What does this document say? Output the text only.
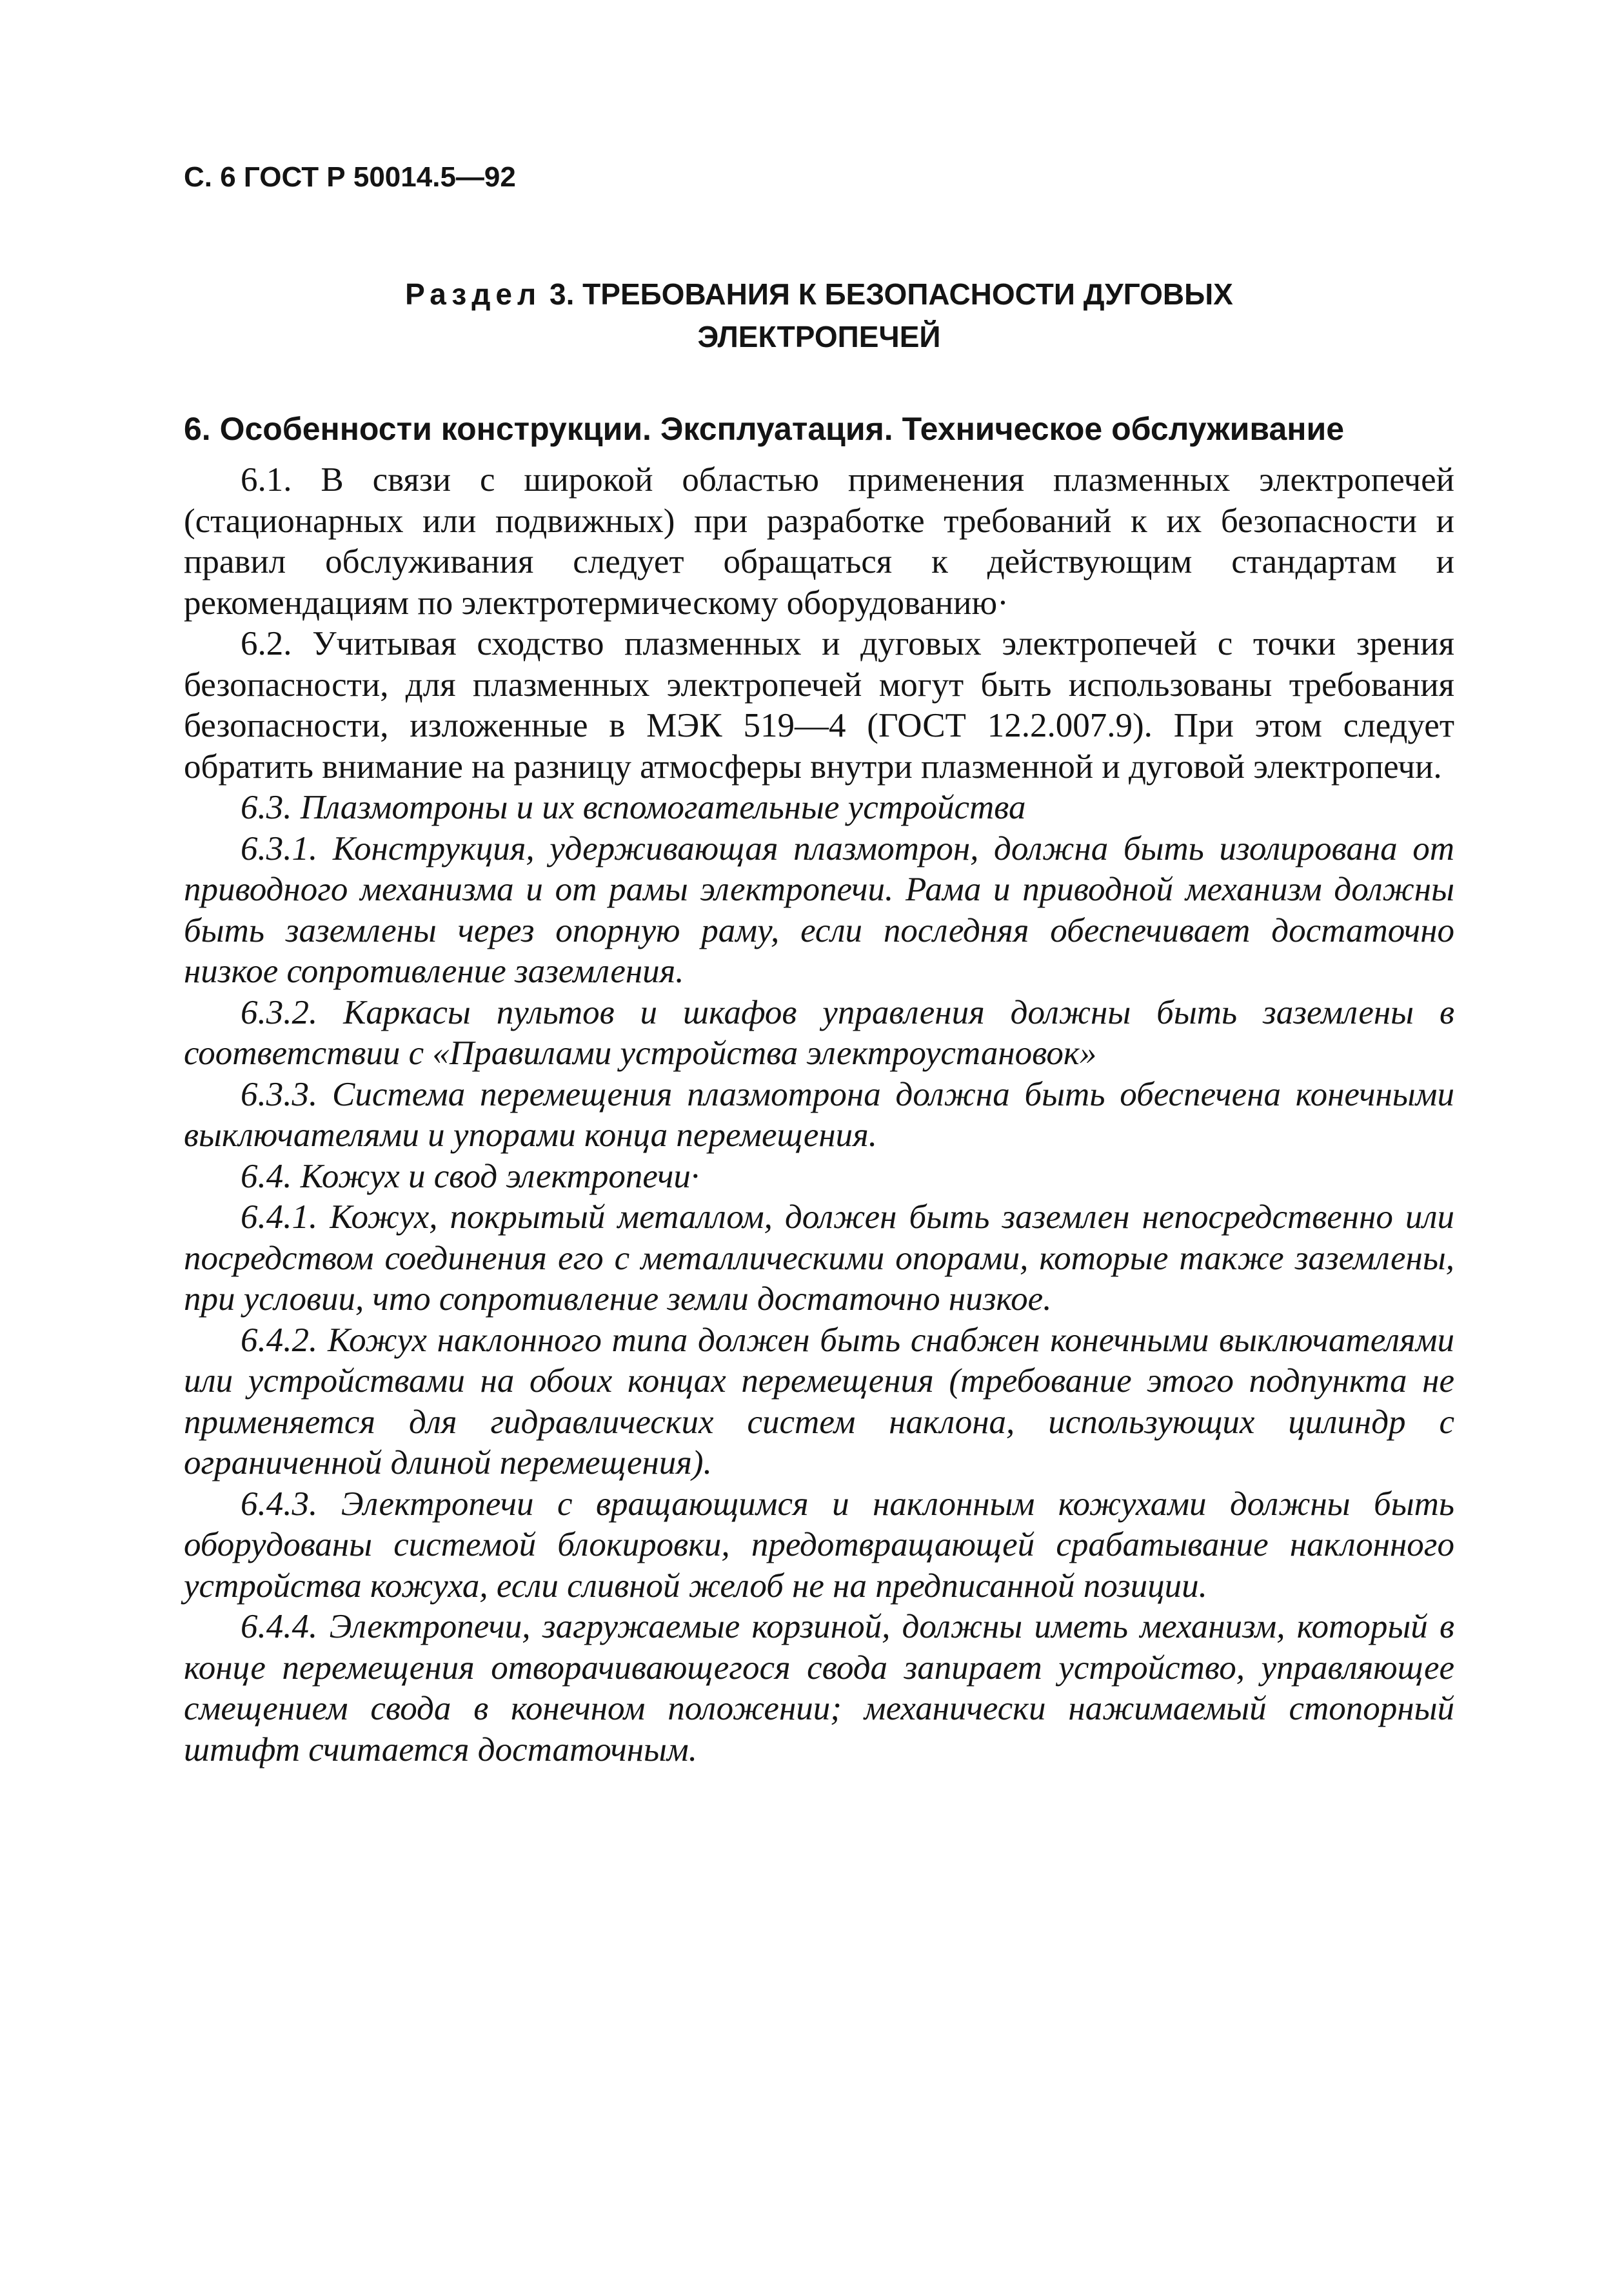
С. 6 ГОСТ Р 50014.5—92

Раздел 3. ТРЕБОВАНИЯ К БЕЗОПАСНОСТИ ДУГОВЫХ
ЭЛЕКТРОПЕЧЕЙ

6. Особенности конструкции. Эксплуатация. Техническое обслуживание

6.1. В связи с широкой областью применения плазменных электропечей (стационарных или подвижных) при разработке требований к их безопасности и правил обслуживания следует обращаться к действующим стандартам и рекомендациям по электротермическому оборудованию·

6.2. Учитывая сходство плазменных и дуговых электропечей с точки зрения безопасности, для плазменных электропечей могут быть использованы требования безопасности, изложенные в МЭК 519—4 (ГОСТ 12.2.007.9). При этом следует обратить внимание на разницу атмосферы внутри плазменной и дуговой электропечи.

6.3. Плазмотроны и их вспомогательные устройства

6.3.1. Конструкция, удерживающая плазмотрон, должна быть изолирована от приводного механизма и от рамы электропечи. Рама и приводной механизм должны быть заземлены через опорную раму, если последняя обеспечивает достаточно низкое сопротивление заземления.

6.3.2. Каркасы пультов и шкафов управления должны быть заземлены в соответствии с «Правилами устройства электроустановок»

6.3.3. Система перемещения плазмотрона должна быть обеспечена конечными выключателями и упорами конца перемещения.

6.4. Кожух и свод электропечи·

6.4.1. Кожух, покрытый металлом, должен быть заземлен непосредственно или посредством соединения его с металлическими опорами, которые также заземлены, при условии, что сопротивление земли достаточно низкое.

6.4.2. Кожух наклонного типа должен быть снабжен конечными выключателями или устройствами на обоих концах перемещения (требование этого подпункта не применяется для гидравлических систем наклона, использующих цилиндр с ограниченной длиной перемещения).

6.4.3. Электропечи с вращающимся и наклонным кожухами должны быть оборудованы системой блокировки, предотвращающей срабатывание наклонного устройства кожуха, если сливной желоб не на предписанной позиции.

6.4.4. Электропечи, загружаемые корзиной, должны иметь механизм, который в конце перемещения отворачивающегося свода запирает устройство, управляющее смещением свода в конечном положении; механически нажимаемый стопорный штифт считается достаточным.
